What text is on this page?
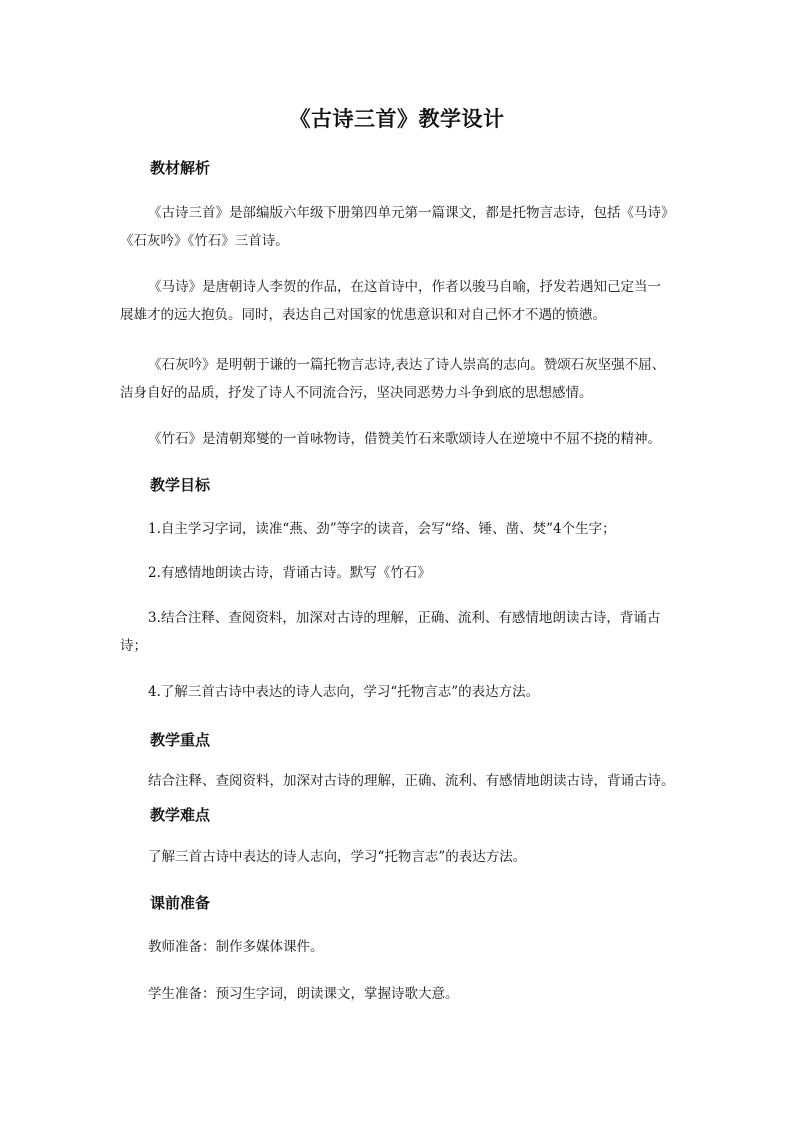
《古诗三首》教学设计
教材解析
《古诗三首》是部编版六年级下册第四单元第一篇课文，都是托物言志诗，包括《马诗》
《石灰吟》《竹石》三首诗。
《马诗》是唐朝诗人李贺的作品，在这首诗中，作者以骏马自喻，抒发若遇知己定当一
展雄才的远大抱负。同时，表达自己对国家的忧患意识和对自己怀才不遇的愤懑。
《石灰吟》是明朝于谦的一篇托物言志诗,表达了诗人崇高的志向。赞颂石灰坚强不屈、
洁身自好的品质，抒发了诗人不同流合污，坚决同恶势力斗争到底的思想感情。
《竹石》是清朝郑燮的一首咏物诗，借赞美竹石来歌颂诗人在逆境中不屈不挠的精神。
教学目标
1.自主学习字词，读准“燕、劲”等字的读音，会写“络、锤、凿、焚”4个生字；
2.有感情地朗读古诗，背诵古诗。默写《竹石》
3.结合注释、查阅资料，加深对古诗的理解，正确、流利、有感情地朗读古诗，背诵古
诗；
4.了解三首古诗中表达的诗人志向，学习“托物言志”的表达方法。
教学重点
结合注释、查阅资料，加深对古诗的理解，正确、流利、有感情地朗读古诗，背诵古诗。
教学难点
了解三首古诗中表达的诗人志向，学习“托物言志”的表达方法。
课前准备
教师准备：制作多媒体课件。
学生准备：预习生字词，朗读课文，掌握诗歌大意。
